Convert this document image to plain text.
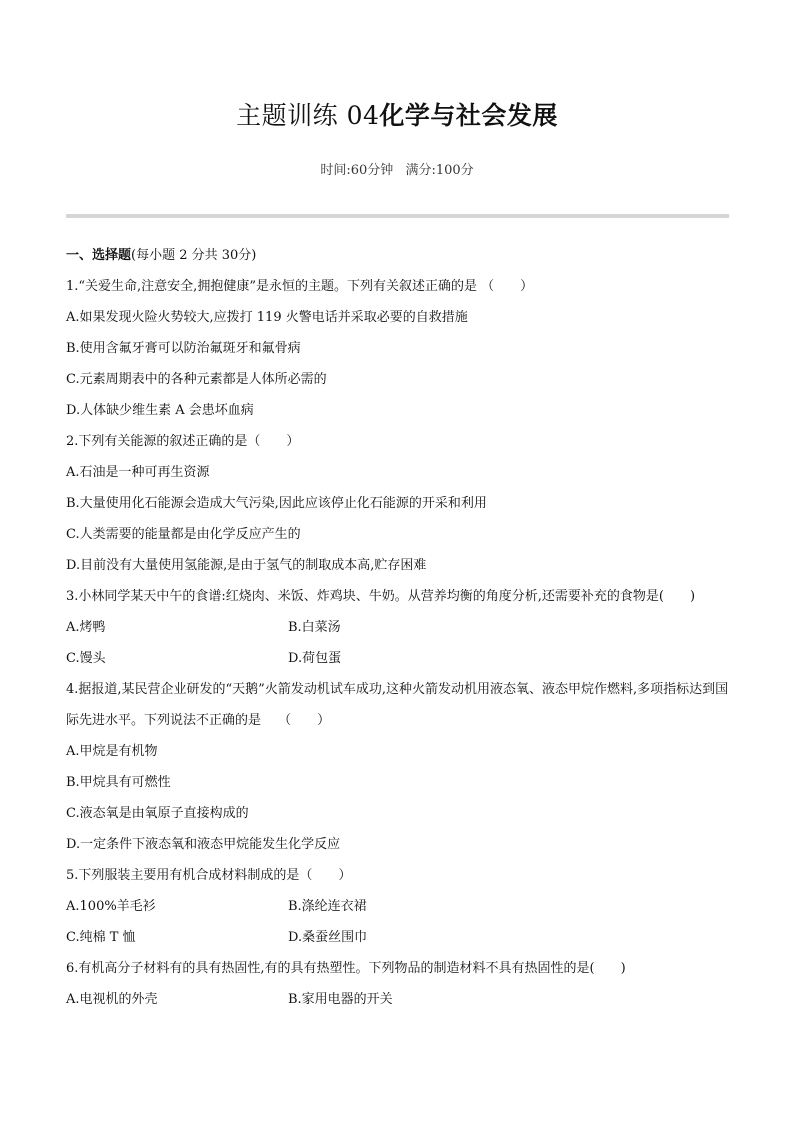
主题训练 04化学与社会发展
时间:60分钟 满分:100分
一、选择题(每小题 2 分共 30分)
1.“关爱生命,注意安全,拥抱健康”是永恒的主题。下列有关叙述正确的是 （　　）
A.如果发现火险火势较大,应拨打 119 火警电话并采取必要的自救措施
B.使用含氟牙膏可以防治氟斑牙和氟骨病
C.元素周期表中的各种元素都是人体所必需的
D.人体缺少维生素 A 会患坏血病
2.下列有关能源的叙述正确的是（　　）
A.石油是一种可再生资源
B.大量使用化石能源会造成大气污染,因此应该停止化石能源的开采和利用
C.人类需要的能量都是由化学反应产生的
D.目前没有大量使用氢能源,是由于氢气的制取成本高,贮存困难
3.小林同学某天中午的食谱:红烧肉、米饭、炸鸡块、牛奶。从营养均衡的角度分析,还需要补充的食物是(　　)
A.烤鸭	B.白菜汤
C.馒头	D.荷包蛋
4.据报道,某民营企业研发的“天鹅”火箭发动机试车成功,这种火箭发动机用液态氧、液态甲烷作燃料,多项指标达到国际先进水平。下列说法不正确的是　 （　　）
A.甲烷是有机物
B.甲烷具有可燃性
C.液态氧是由氧原子直接构成的
D.一定条件下液态氧和液态甲烷能发生化学反应
5.下列服装主要用有机合成材料制成的是（　　）
A.100%羊毛衫	B.涤纶连衣裙
C.纯棉 T 恤	D.桑蚕丝围巾
6.有机高分子材料有的具有热固性,有的具有热塑性。下列物品的制造材料不具有热固性的是(　　)
A.电视机的外壳	B.家用电器的开关
